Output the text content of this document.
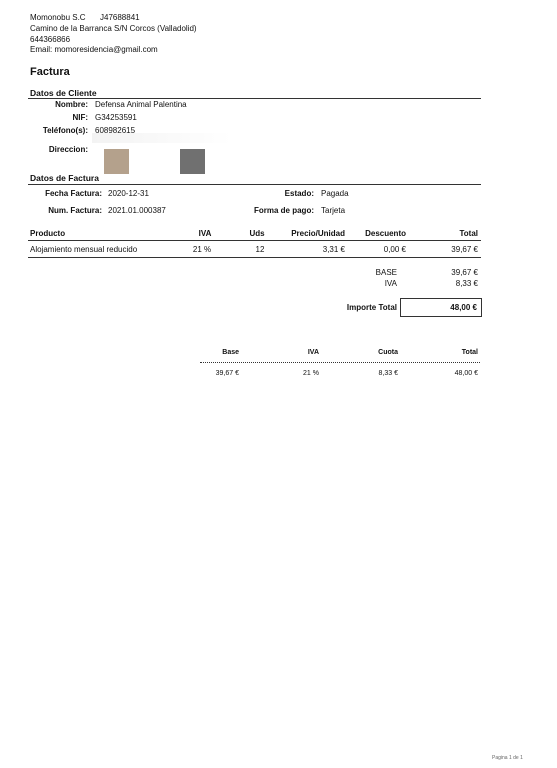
Momonobu S.C J47688841
Camino de la Barranca S/N Corcos (Valladolid)
644366866
Email: momoresidencia@gmail.com
Factura
Datos de Cliente
Nombre: Defensa Animal Palentina
NIF: G34253591
Teléfono(s): 608982615
Direccion:
Datos de Factura
Fecha Factura: 2020-12-31	Estado: Pagada
Num. Factura: 2021.01.000387	Forma de pago: Tarjeta
Producto	IVA	Uds	Precio/Unidad	Descuento	Total
Alojamiento mensual reducido	21 %	12	3,31 €	0,00 €	39,67 €
BASE	39,67 €
IVA	8,33 €
Importe Total	48,00 €
Base	IVA	Cuota	Total
39,67 €	21 %	8,33 €	48,00 €
Pagina 1 de 1
